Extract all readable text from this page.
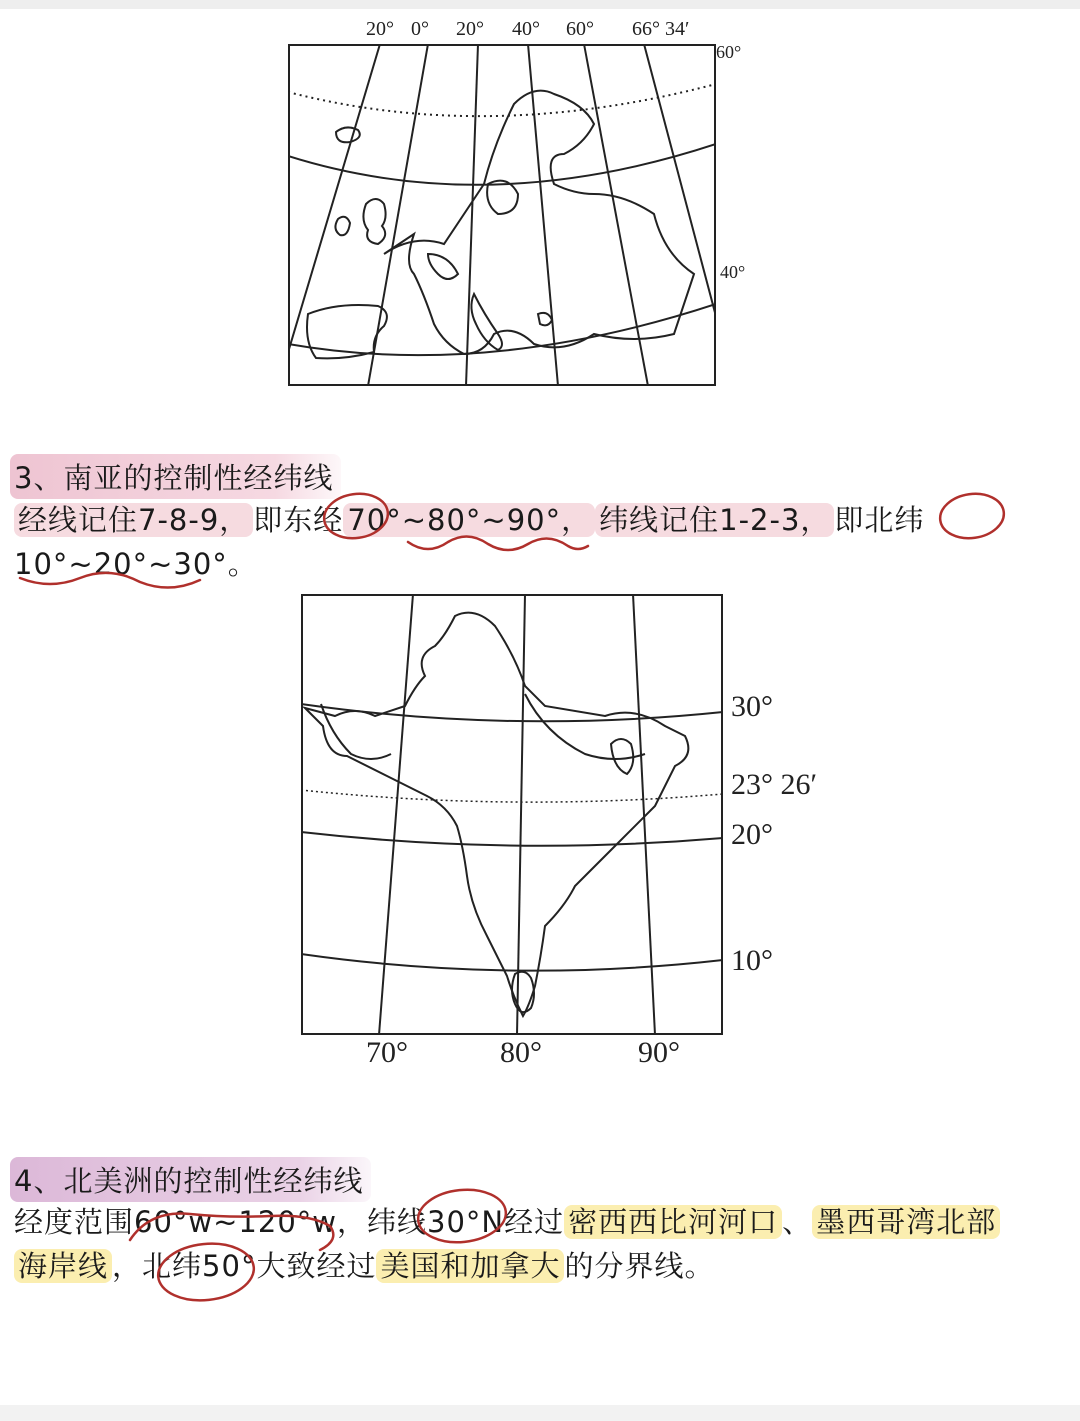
20° 0° 20° 40° 60° 66° 34′
60°
40°
3、南亚的控制性经纬线
经线记住7-8-9， 即东经 70°~80°~90°， 纬线记住1-2-3， 即北纬
10°~20°~30°。
30°
23° 26′
20°
10°
70°	80°	90°
4、北美洲的控制性经纬线
经度范围60°w~120°w，纬线30°N经过 密西西比河河口 、 墨西哥湾北部
海岸线 ，北纬50°大致经过 美国和加拿大 的分界线。
